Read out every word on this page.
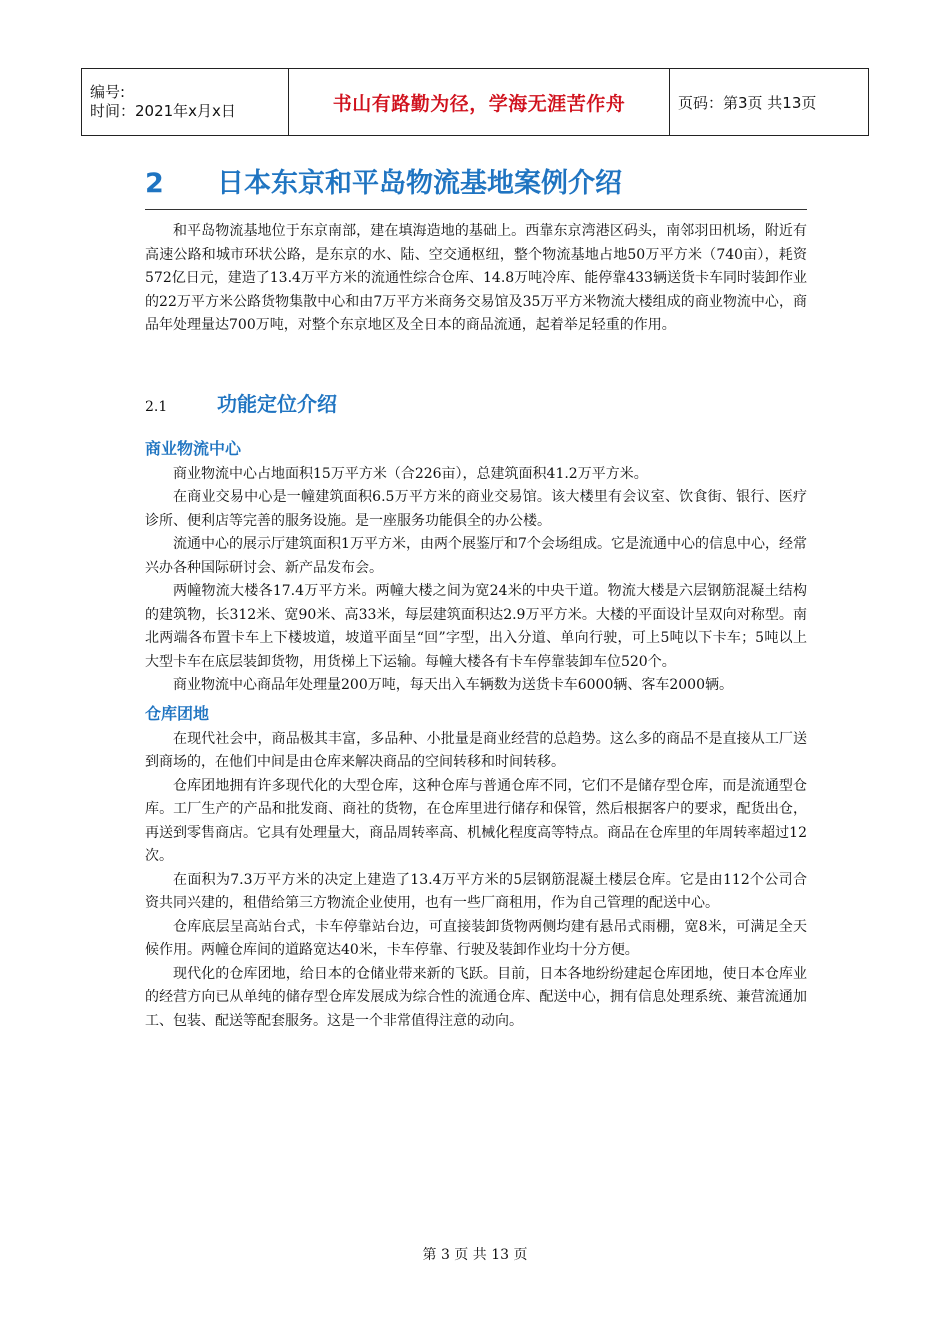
编号:
时间：2021年x月x日	书山有路勤为径，学海无涯苦作舟	页码：第3页 共13页
2 日本东京和平岛物流基地案例介绍

和平岛物流基地位于东京南部，建在填海造地的基础上。西靠东京湾港区码头，南邻羽田机场，附近有高速公路和城市环状公路，是东京的水、陆、空交通枢纽，整个物流基地占地50万平方米（740亩），耗资572亿日元，建造了13.4万平方米的流通性综合仓库、14.8万吨冷库、能停靠433辆送货卡车同时装卸作业的22万平方米公路货物集散中心和由7万平方米商务交易馆及35万平方米物流大楼组成的商业物流中心，商品年处理量达700万吨，对整个东京地区及全日本的商品流通，起着举足轻重的作用。

2.1 功能定位介绍
商业物流中心

商业物流中心占地面积15万平方米（合226亩），总建筑面积41.2万平方米。

在商业交易中心是一幢建筑面积6.5万平方米的商业交易馆。该大楼里有会议室、饮食街、银行、医疗诊所、便利店等完善的服务设施。是一座服务功能俱全的办公楼。

流通中心的展示厅建筑面积1万平方米，由两个展鉴厅和7个会场组成。它是流通中心的信息中心，经常兴办各种国际研讨会、新产品发布会。

两幢物流大楼各17.4万平方米。两幢大楼之间为宽24米的中央干道。物流大楼是六层钢筋混凝土结构的建筑物，长312米、宽90米、高33米，每层建筑面积达2.9万平方米。大楼的平面设计呈双向对称型。南北两端各布置卡车上下楼坡道，坡道平面呈“回”字型，出入分道、单向行驶，可上5吨以下卡车；5吨以上大型卡车在底层装卸货物，用货梯上下运输。每幢大楼各有卡车停靠装卸车位520个。

商业物流中心商品年处理量200万吨，每天出入车辆数为送货卡车6000辆、客车2000辆。

仓库团地

在现代社会中，商品极其丰富，多品种、小批量是商业经营的总趋势。这么多的商品不是直接从工厂送到商场的，在他们中间是由仓库来解决商品的空间转移和时间转移。

仓库团地拥有许多现代化的大型仓库，这种仓库与普通仓库不同，它们不是储存型仓库，而是流通型仓库。工厂生产的产品和批发商、商社的货物，在仓库里进行储存和保管，然后根据客户的要求，配货出仓，再送到零售商店。它具有处理量大，商品周转率高、机械化程度高等特点。商品在仓库里的年周转率超过12次。

在面积为7.3万平方米的决定上建造了13.4万平方米的5层钢筋混凝土楼层仓库。它是由112个公司合资共同兴建的，租借给第三方物流企业使用，也有一些厂商租用，作为自己管理的配送中心。

仓库底层呈高站台式，卡车停靠站台边，可直接装卸货物两侧均建有悬吊式雨棚，宽8米，可满足全天候作用。两幢仓库间的道路宽达40米，卡车停靠、行驶及装卸作业均十分方便。

现代化的仓库团地，给日本的仓储业带来新的飞跃。目前，日本各地纷纷建起仓库团地，使日本仓库业的经营方向已从单纯的储存型仓库发展成为综合性的流通仓库、配送中心，拥有信息处理系统、兼营流通加工、包装、配送等配套服务。这是一个非常值得注意的动向。

第 3 页 共 13 页
